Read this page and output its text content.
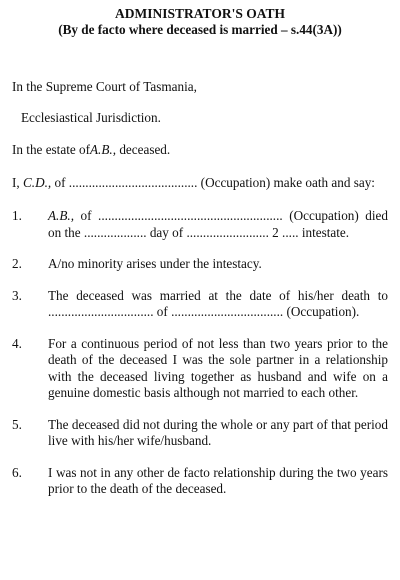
ADMINISTRATOR'S OATH

(By de facto where deceased is married – s.44(3A))

In the Supreme Court of Tasmania,

Ecclesiastical Jurisdiction.

In the estate ofA.B., deceased.

I, C.D., of ....................................... (Occupation) make oath and say:

1.	A.B., of ........................................................ (Occupation) died on the ................... day of ......................... 2 ..... intestate.
2.	A/no minority arises under the intestacy.
3.	The deceased was married at the date of his/her death to ................................ of .................................. (Occupation).
4.	For a continuous period of not less than two years prior to the death of the deceased I was the sole partner in a relationship with the deceased living together as husband and wife on a genuine domestic basis although not married to each other.
5.	The deceased did not during the whole or any part of that period live with his/her wife/husband.
6.	I was not in any other de facto relationship during the two years prior to the death of the deceased.
